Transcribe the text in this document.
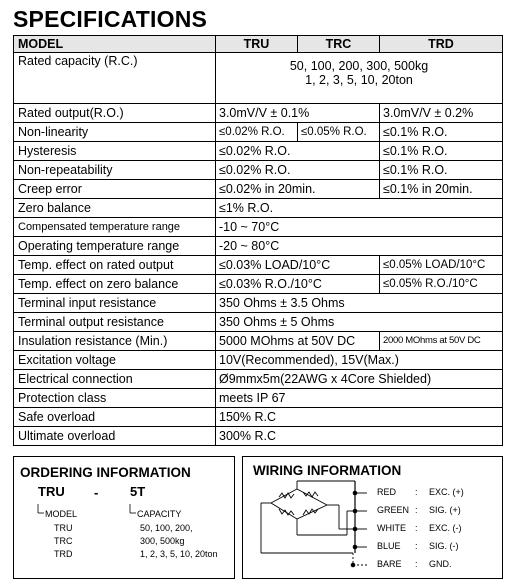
SPECIFICATIONS
MODEL	TRU	TRC	TRD
Rated capacity (R.C.)	50, 100, 200, 300, 500kg
1, 2, 3, 5, 10, 20ton		

Rated output(R.O.)	3.0mV/V ± 0.1%		3.0mV/V ± 0.2%
Non-linearity	≤0.02% R.O.	≤0.05% R.O.	≤0.1% R.O.
Hysteresis	≤0.02% R.O.		≤0.1% R.O.
Non-repeatability	≤0.02% R.O.		≤0.1% R.O.
Creep error	≤0.02% in 20min.		≤0.1% in 20min.
Zero balance	≤1% R.O.		
Compensated temperature range	-10 ~ 70°C		
Operating temperature range	-20 ~ 80°C		
Temp. effect on rated output	≤0.03% LOAD/10°C		≤0.05% LOAD/10°C
Temp. effect on zero balance	≤0.03% R.O./10°C		≤0.05% R.O./10°C
Terminal input resistance	350 Ohms ± 3.5 Ohms		
Terminal output resistance	350 Ohms ± 5 Ohms		
Insulation resistance (Min.)	5000 MOhms at 50V DC		2000 MOhms at 50V DC
Excitation voltage	10V(Recommended), 15V(Max.)		
Electrical connection	Ø9mmx5m(22AWG x 4Core Shielded)		
Protection class	meets IP 67		
Safe overload	150% R.C		
Ultimate overload	300% R.C		
ORDERING INFORMATION
TRU - 5T
MODEL
TRU
TRC
TRD
CAPACITY
50, 100, 200,
300, 500kg
1, 2, 3, 5, 10, 20ton
WIRING INFORMATION
RED : EXC. (+)
GREEN : SIG. (+)
WHITE : EXC. (-)
BLUE : SIG. (-)
BARE : GND.
